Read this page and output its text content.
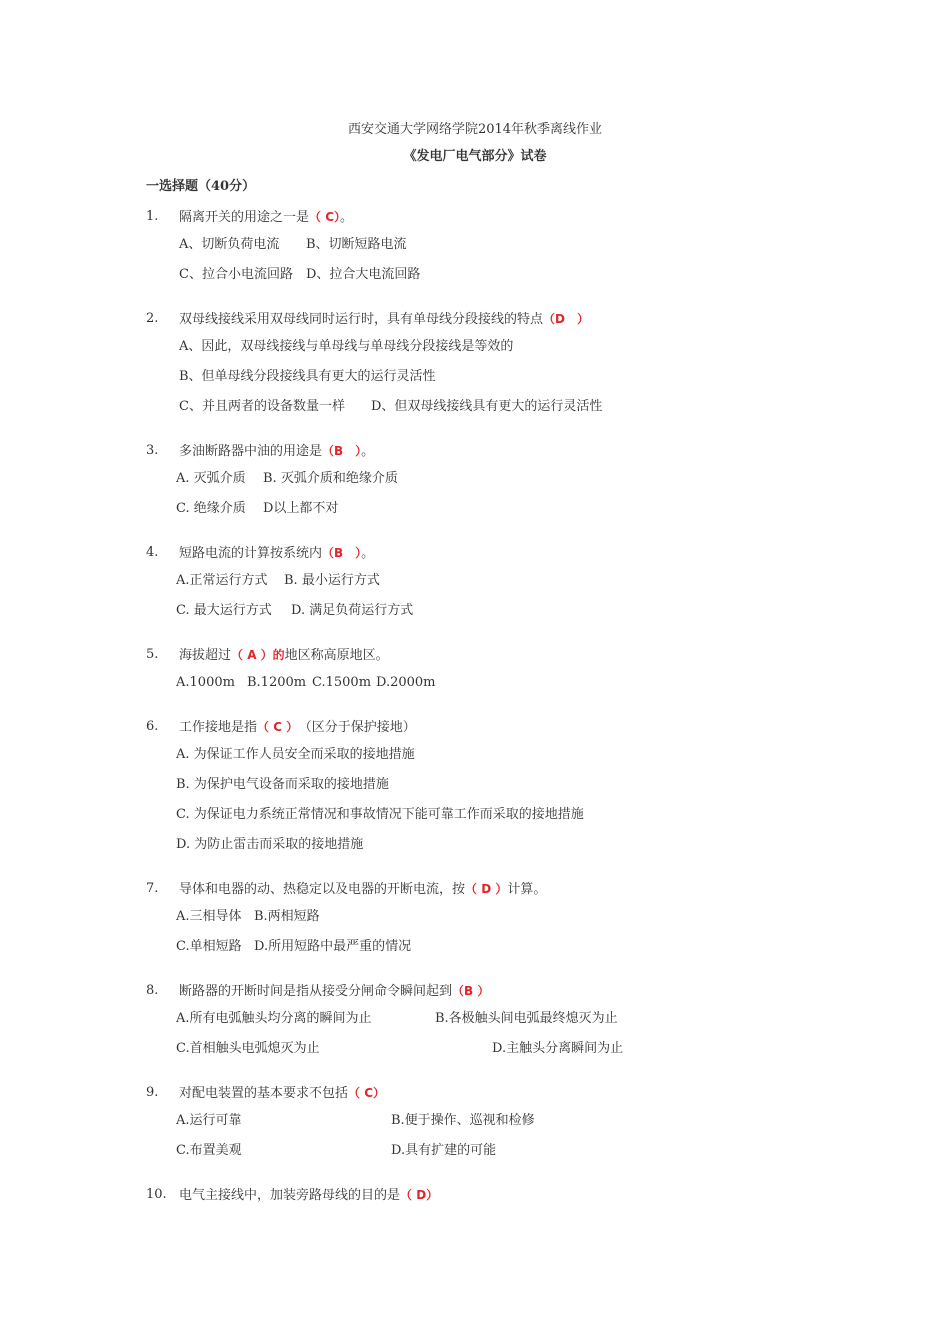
西安交通大学网络学院2014年秋季离线作业
《发电厂电气部分》试卷
一选择题（40分）
1. 隔离开关的用途之一是（ C）。
A、切断负荷电流 B、切断短路电流
C、拉合小电流回路 D、拉合大电流回路
2. 双母线接线采用双母线同时运行时，具有单母线分段接线的特点（D　）
A、因此，双母线接线与单母线与单母线分段接线是等效的
B、但单母线分段接线具有更大的运行灵活性
C、并且两者的设备数量一样 D、但双母线接线具有更大的运行灵活性
3. 多油断路器中油的用途是（B　）。
A. 灭弧介质 B. 灭弧介质和绝缘介质
C. 绝缘介质 D以上都不对
4. 短路电流的计算按系统内（B　）。
A.正常运行方式 B. 最小运行方式
C. 最大运行方式 D. 满足负荷运行方式
5. 海拔超过（ A ）的地区称高原地区。
A.1000m B.1200m C.1500m D.2000m
6. 工作接地是指（ C ）　（区分于保护接地）
A. 为保证工作人员安全而采取的接地措施
B. 为保护电气设备而采取的接地措施
C. 为保证电力系统正常情况和事故情况下能可靠工作而采取的接地措施
D. 为防止雷击而采取的接地措施
7. 导体和电器的动、热稳定以及电器的开断电流，按（ D ）计算。
A.三相导体 B.两相短路
C.单相短路 D.所用短路中最严重的情况
8. 断路器的开断时间是指从接受分闸命令瞬间起到（B ）
A.所有电弧触头均分离的瞬间为止	B.各极触头间电弧最终熄灭为止
C.首相触头电弧熄灭为止	D.主触头分离瞬间为止
9. 对配电装置的基本要求不包括（ C）
A.运行可靠	B.便于操作、巡视和检修
C.布置美观	D.具有扩建的可能
10. 电气主接线中，加装旁路母线的目的是（ D）
